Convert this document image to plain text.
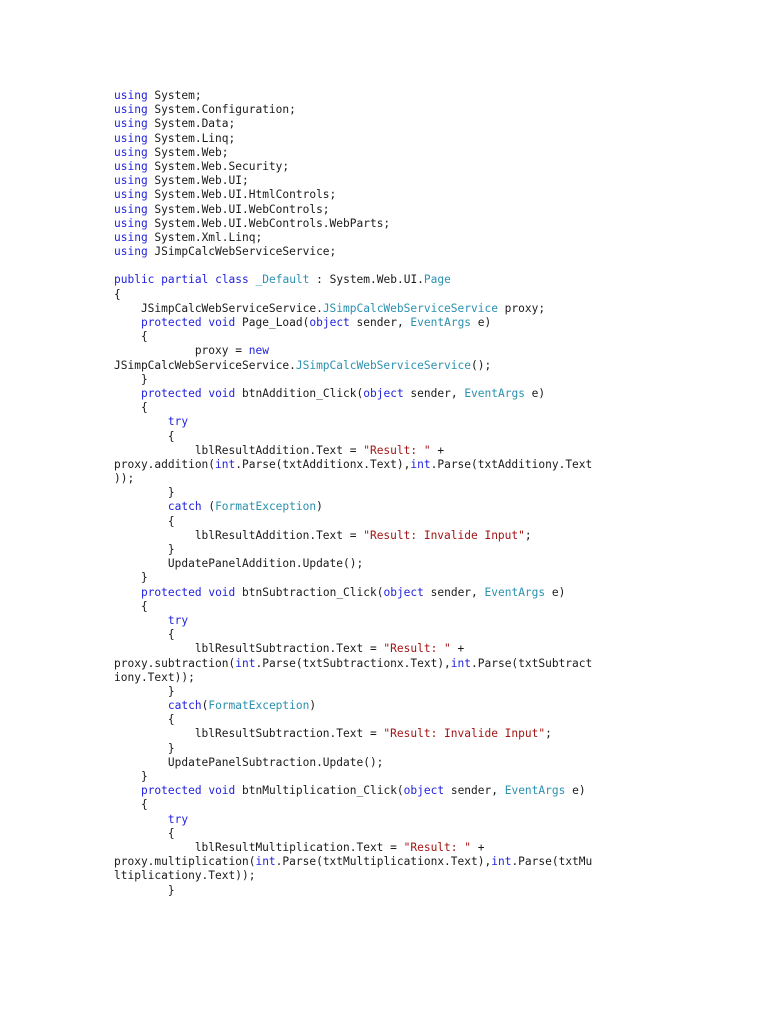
using System;
using System.Configuration;
using System.Data;
using System.Linq;
using System.Web;
using System.Web.Security;
using System.Web.UI;
using System.Web.UI.HtmlControls;
using System.Web.UI.WebControls;
using System.Web.UI.WebControls.WebParts;
using System.Xml.Linq;
using JSimpCalcWebServiceService;
public partial class _Default : System.Web.UI.Page
{
JSimpCalcWebServiceService.JSimpCalcWebServiceService proxy;
protected void Page_Load(object sender, EventArgs e)
{
proxy = new
JSimpCalcWebServiceService.JSimpCalcWebServiceService();
}
protected void btnAddition_Click(object sender, EventArgs e)
{
try
{
lblResultAddition.Text = "Result: " +
proxy.addition(int.Parse(txtAdditionx.Text),int.Parse(txtAdditiony.Text
));
}
catch (FormatException)
{
lblResultAddition.Text = "Result: Invalide Input";
}
UpdatePanelAddition.Update();
}
protected void btnSubtraction_Click(object sender, EventArgs e)
{
try
{
lblResultSubtraction.Text = "Result: " +
proxy.subtraction(int.Parse(txtSubtractionx.Text),int.Parse(txtSubtract
iony.Text));
}
catch(FormatException)
{
lblResultSubtraction.Text = "Result: Invalide Input";
}
UpdatePanelSubtraction.Update();
}
protected void btnMultiplication_Click(object sender, EventArgs e)
{
try
{
lblResultMultiplication.Text = "Result: " +
proxy.multiplication(int.Parse(txtMultiplicationx.Text),int.Parse(txtMu
ltiplicationy.Text));
}
